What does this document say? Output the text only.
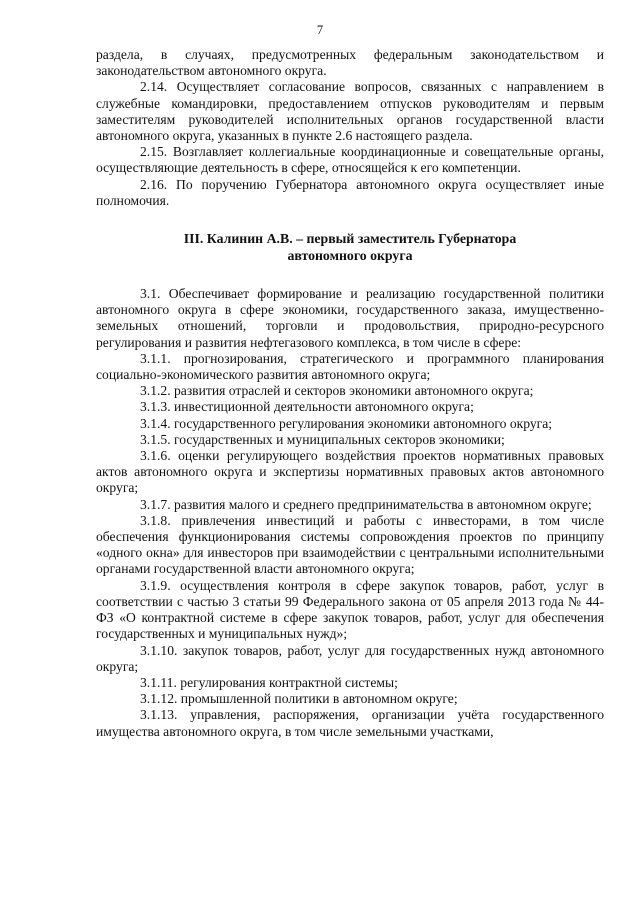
7

раздела, в случаях, предусмотренных федеральным законодательством и законодательством автономного округа.

2.14. Осуществляет согласование вопросов, связанных с направлением в служебные командировки, предоставлением отпусков руководителям и первым заместителям руководителей исполнительных органов государственной власти автономного округа, указанных в пункте 2.6 настоящего раздела.

2.15. Возглавляет коллегиальные координационные и совещательные органы, осуществляющие деятельность в сфере, относящейся к его компетенции.

2.16. По поручению Губернатора автономного округа осуществляет иные полномочия.

III. Калинин А.В. – первый заместитель Губернатора
автономного округа

3.1. Обеспечивает формирование и реализацию государственной политики автономного округа в сфере экономики, государственного заказа, имущественно-земельных отношений, торговли и продовольствия, природно-ресурсного регулирования и развития нефтегазового комплекса, в том числе в сфере:

3.1.1. прогнозирования, стратегического и программного планирования социально-экономического развития автономного округа;

3.1.2. развития отраслей и секторов экономики автономного округа;

3.1.3. инвестиционной деятельности автономного округа;

3.1.4. государственного регулирования экономики автономного округа;

3.1.5. государственных и муниципальных секторов экономики;

3.1.6. оценки регулирующего воздействия проектов нормативных правовых актов автономного округа и экспертизы нормативных правовых актов автономного округа;

3.1.7. развития малого и среднего предпринимательства в автономном округе;

3.1.8. привлечения инвестиций и работы с инвесторами, в том числе обеспечения функционирования системы сопровождения проектов по принципу «одного окна» для инвесторов при взаимодействии с центральными исполнительными органами государственной власти автономного округа;

3.1.9. осуществления контроля в сфере закупок товаров, работ, услуг в соответствии с частью 3 статьи 99 Федерального закона от 05 апреля 2013 года № 44-ФЗ «О контрактной системе в сфере закупок товаров, работ, услуг для обеспечения государственных и муниципальных нужд»;

3.1.10. закупок товаров, работ, услуг для государственных нужд автономного округа;

3.1.11. регулирования контрактной системы;

3.1.12. промышленной политики в автономном округе;

3.1.13. управления, распоряжения, организации учёта государственного имущества автономного округа, в том числе земельными участками,
